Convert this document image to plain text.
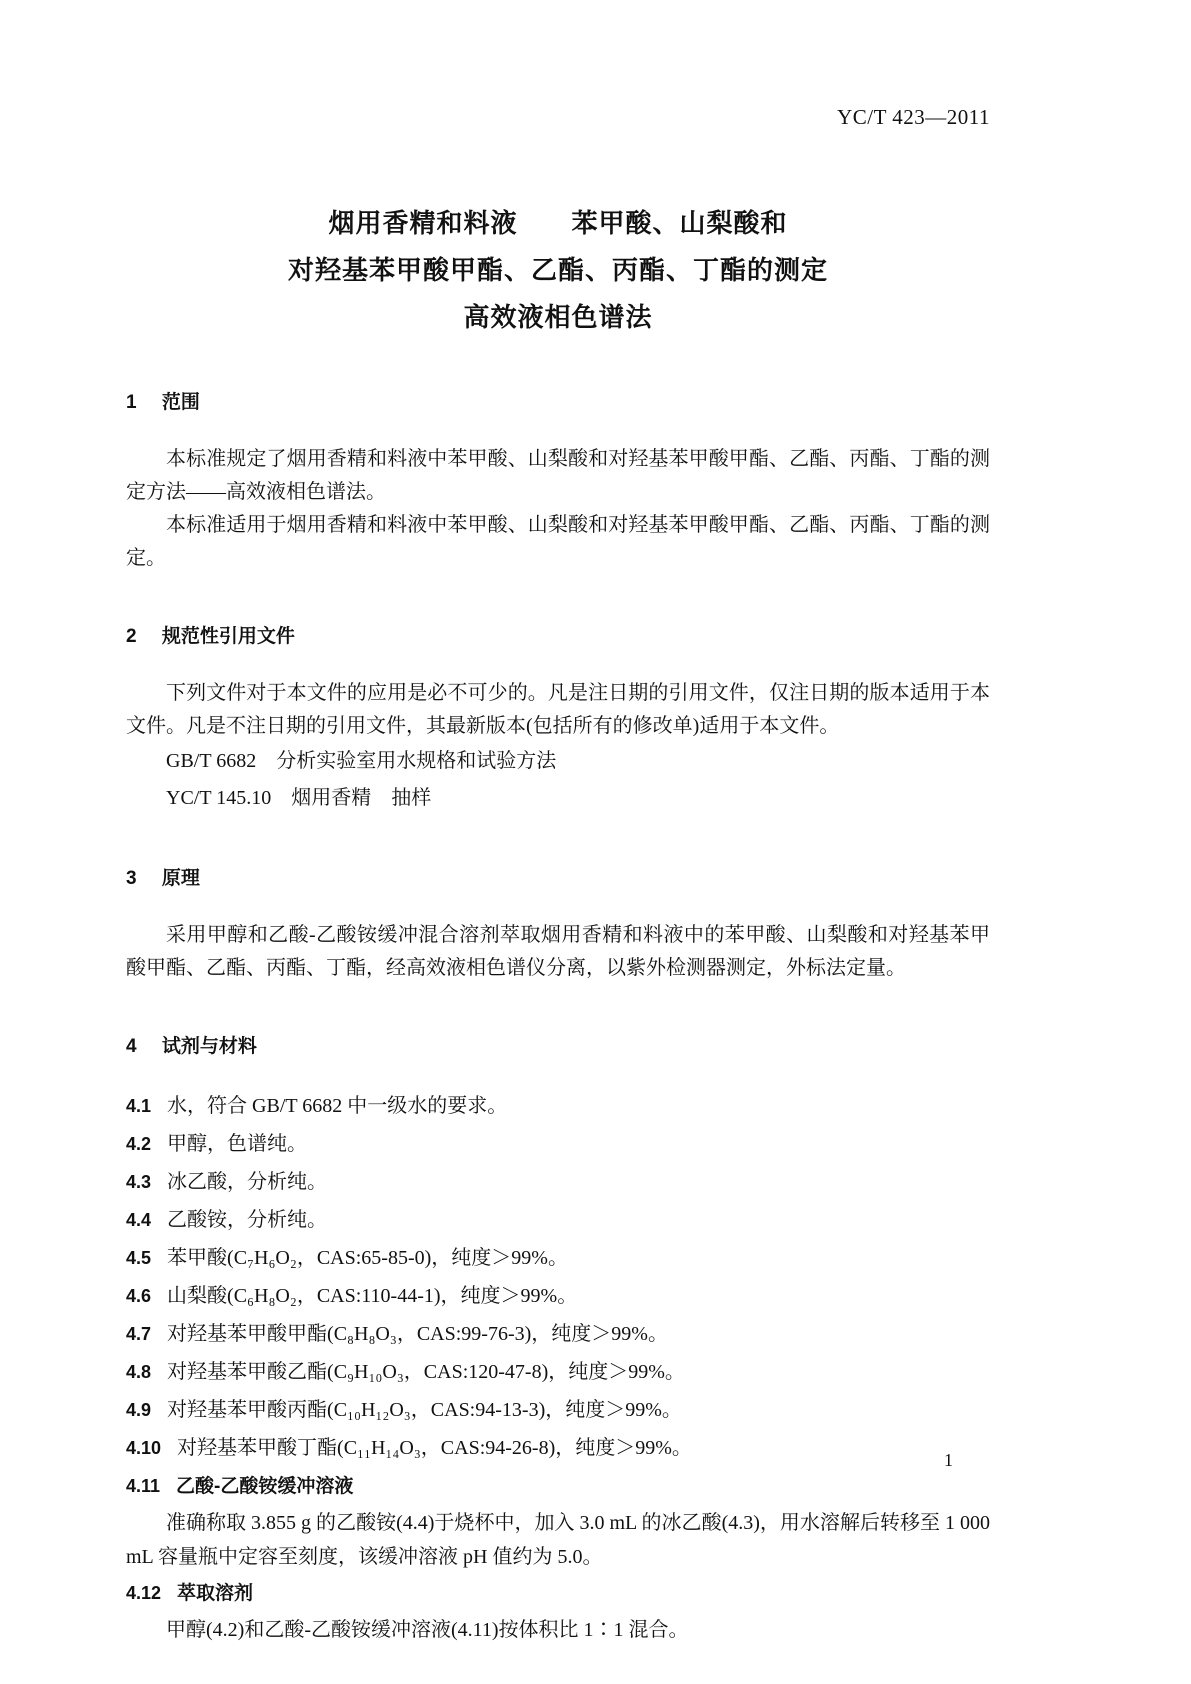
YC/T 423—2011
烟用香精和料液　　苯甲酸、山梨酸和
对羟基苯甲酸甲酯、乙酯、丙酯、丁酯的测定
高效液相色谱法
1 范围

本标准规定了烟用香精和料液中苯甲酸、山梨酸和对羟基苯甲酸甲酯、乙酯、丙酯、丁酯的测定方法——高效液相色谱法。

本标准适用于烟用香精和料液中苯甲酸、山梨酸和对羟基苯甲酸甲酯、乙酯、丙酯、丁酯的测定。

2 规范性引用文件

下列文件对于本文件的应用是必不可少的。凡是注日期的引用文件，仅注日期的版本适用于本文件。凡是不注日期的引用文件，其最新版本(包括所有的修改单)适用于本文件。

GB/T 6682　分析实验室用水规格和试验方法

YC/T 145.10　烟用香精　抽样

3 原理

采用甲醇和乙酸-乙酸铵缓冲混合溶剂萃取烟用香精和料液中的苯甲酸、山梨酸和对羟基苯甲酸甲酯、乙酯、丙酯、丁酯，经高效液相色谱仪分离，以紫外检测器测定，外标法定量。

4 试剂与材料
4.1 水，符合 GB/T 6682 中一级水的要求。
4.2 甲醇，色谱纯。
4.3 冰乙酸，分析纯。
4.4 乙酸铵，分析纯。
4.5 苯甲酸(C₇H₆O₂，CAS:65-85-0)，纯度＞99%。
4.6 山梨酸(C₆H₈O₂，CAS:110-44-1)，纯度＞99%。
4.7 对羟基苯甲酸甲酯(C₈H₈O₃，CAS:99-76-3)，纯度＞99%。
4.8 对羟基苯甲酸乙酯(C₉H₁₀O₃，CAS:120-47-8)，纯度＞99%。
4.9 对羟基苯甲酸丙酯(C₁₀H₁₂O₃，CAS:94-13-3)，纯度＞99%。
4.10 对羟基苯甲酸丁酯(C₁₁H₁₄O₃，CAS:94-26-8)，纯度＞99%。
4.11 乙酸-乙酸铵缓冲溶液

准确称取 3.855 g 的乙酸铵(4.4)于烧杯中，加入 3.0 mL 的冰乙酸(4.3)，用水溶解后转移至 1 000 mL 容量瓶中定容至刻度，该缓冲溶液 pH 值约为 5.0。

4.12 萃取溶剂

甲醇(4.2)和乙酸-乙酸铵缓冲溶液(4.11)按体积比 1∶1 混合。

1
